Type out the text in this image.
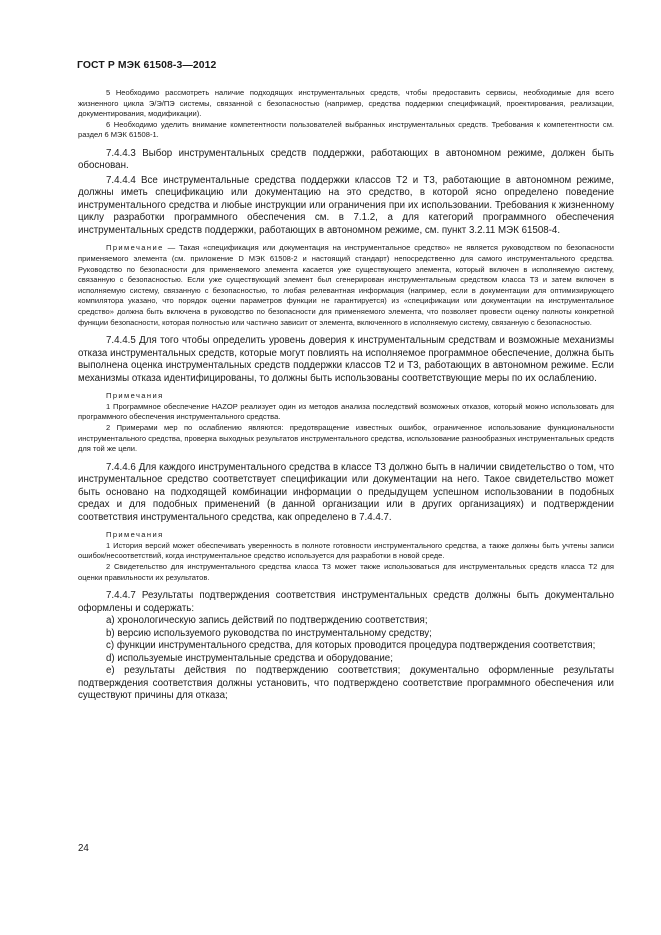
ГОСТ Р МЭК 61508-3—2012

5 Необходимо рассмотреть наличие подходящих инструментальных средств, чтобы предоставить сервисы, необходимые для всего жизненного цикла Э/Э/ПЭ системы, связанной с безопасностью (например, средства поддержки спецификаций, проектирования, реализации, документирования, модификации).

6 Необходимо уделить внимание компетентности пользователей выбранных инструментальных средств. Требования к компетентности см. раздел 6 МЭК 61508-1.

7.4.4.3 Выбор инструментальных средств поддержки, работающих в автономном режиме, должен быть обоснован.

7.4.4.4 Все инструментальные средства поддержки классов Т2 и Т3, работающие в автономном режиме, должны иметь спецификацию или документацию на это средство, в которой ясно определено поведение инструментального средства и любые инструкции или ограничения при их использовании. Требования к жизненному циклу разработки программного обеспечения см. в 7.1.2, а для категорий программного обеспечения инструментальных средств поддержки, работающих в автономном режиме, см. пункт 3.2.11 МЭК 61508-4.

Примечание — Такая «спецификация или документация на инструментальное средство» не является руководством по безопасности применяемого элемента (см. приложение D МЭК 61508-2 и настоящий стандарт) непосредственно для самого инструментального средства. Руководство по безопасности для применяемого элемента касается уже существующего элемента, который включен в исполняемую систему, связанную с безопасностью. Если уже существующий элемент был сгенерирован инструментальным средством класса Т3 и затем включен в исполняемую систему, связанную с безопасностью, то любая релевантная информация (например, если в документации для оптимизирующего компилятора указано, что порядок оценки параметров функции не гарантируется) из «спецификации или документации на инструментальное средство» должна быть включена в руководство по безопасности для применяемого элемента, что позволяет провести оценку полноты конкретной функции безопасности, которая полностью или частично зависит от элемента, включенного в исполняемую систему, связанную с безопасностью.

7.4.4.5 Для того чтобы определить уровень доверия к инструментальным средствам и возможные механизмы отказа инструментальных средств, которые могут повлиять на исполняемое программное обеспечение, должна быть выполнена оценка инструментальных средств поддержки классов Т2 и Т3, работающих в автономном режиме. Если механизмы отказа идентифицированы, то должны быть использованы соответствующие меры по их ослаблению.

Примечания

1 Программное обеспечение HAZOP реализует один из методов анализа последствий возможных отказов, который можно использовать для программного обеспечения инструментального средства.

2 Примерами мер по ослаблению являются: предотвращение известных ошибок, ограниченное использование функциональности инструментального средства, проверка выходных результатов инструментального средства, использование разнообразных инструментальных средств для той же цели.

7.4.4.6 Для каждого инструментального средства в классе Т3 должно быть в наличии свидетельство о том, что инструментальное средство соответствует спецификации или документации на него. Такое свидетельство может быть основано на подходящей комбинации информации о предыдущем успешном использовании в подобных средах и для подобных применений (в данной организации или в других организациях) и подтверждении соответствия инструментального средства, как определено в 7.4.4.7.

Примечания

1 История версий может обеспечивать уверенность в полноте готовности инструментального средства, а также должны быть учтены записи ошибок/несоответствий, когда инструментальное средство используется для разработки в новой среде.

2 Свидетельство для инструментального средства класса Т3 может также использоваться для инструментальных средств класса Т2 для оценки правильности их результатов.

7.4.4.7 Результаты подтверждения соответствия инструментальных средств должны быть документально оформлены и содержать:

а) хронологическую запись действий по подтверждению соответствия;

b) версию используемого руководства по инструментальному средству;

c) функции инструментального средства, для которых проводится процедура подтверждения соответствия;

d) используемые инструментальные средства и оборудование;

e) результаты действия по подтверждению соответствия; документально оформленные результаты подтверждения соответствия должны установить, что подтверждено соответствие программного обеспечения или существуют причины для отказа;

24
